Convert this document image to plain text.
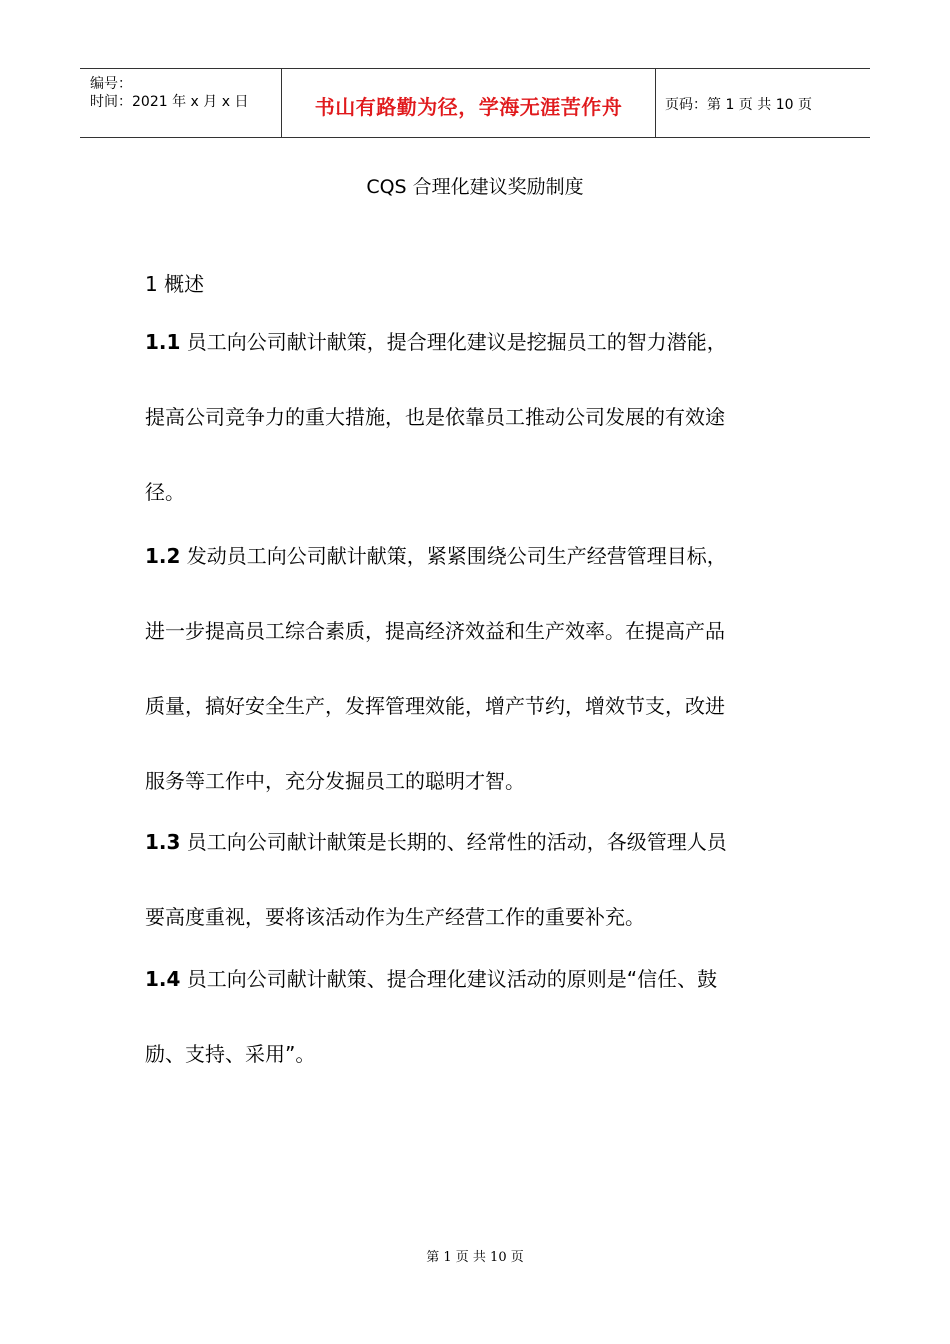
编号：
时间：2021 年 x 月 x 日	书山有路勤为径，学海无涯苦作舟	页码：第 1 页 共 10 页
CQS 合理化建议奖励制度
1 概述
1.1 员工向公司献计献策，提合理化建议是挖掘员工的智力潜能，
提高公司竞争力的重大措施，也是依靠员工推动公司发展的有效途
径。
1.2 发动员工向公司献计献策，紧紧围绕公司生产经营管理目标，
进一步提高员工综合素质，提高经济效益和生产效率。在提高产品
质量，搞好安全生产，发挥管理效能，增产节约，增效节支，改进
服务等工作中，充分发掘员工的聪明才智。
1.3 员工向公司献计献策是长期的、经常性的活动，各级管理人员
要高度重视，要将该活动作为生产经营工作的重要补充。
1.4 员工向公司献计献策、提合理化建议活动的原则是“信任、鼓
励、支持、采用”。
第 1 页 共 10 页
